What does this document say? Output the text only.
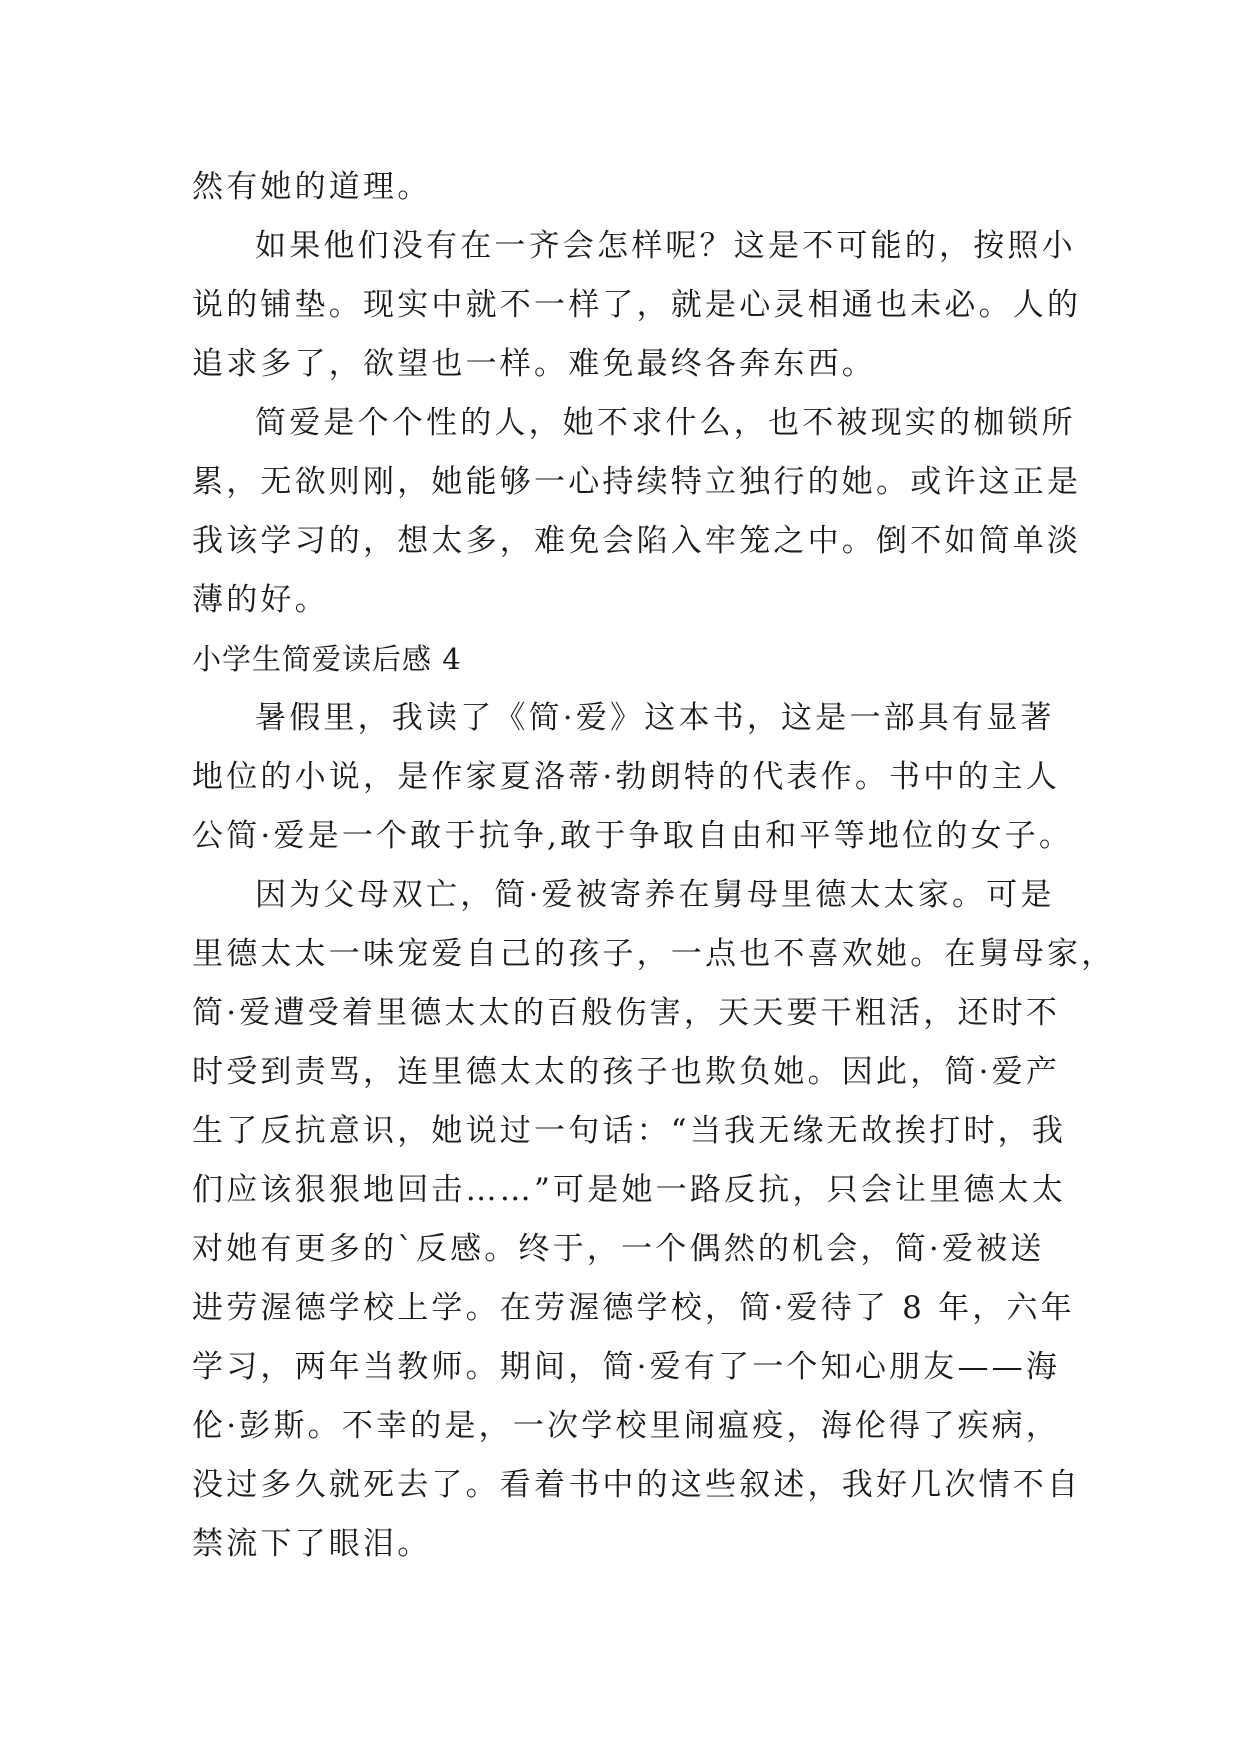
然有她的道理。
如果他们没有在一齐会怎样呢？这是不可能的，按照小
说的铺垫。现实中就不一样了，就是心灵相通也未必。人的
追求多了，欲望也一样。难免最终各奔东西。
简爱是个个性的人，她不求什么，也不被现实的枷锁所
累，无欲则刚，她能够一心持续特立独行的她。或许这正是
我该学习的，想太多，难免会陷入牢笼之中。倒不如简单淡
薄的好。
小学生简爱读后感 4
暑假里，我读了《简·爱》这本书，这是一部具有显著
地位的小说，是作家夏洛蒂·勃朗特的代表作。书中的主人
公简·爱是一个敢于抗争,敢于争取自由和平等地位的女子。
因为父母双亡，简·爱被寄养在舅母里德太太家。可是
里德太太一味宠爱自己的孩子，一点也不喜欢她。在舅母家，
简·爱遭受着里德太太的百般伤害，天天要干粗活，还时不
时受到责骂，连里德太太的孩子也欺负她。因此，简·爱产
生了反抗意识，她说过一句话：“当我无缘无故挨打时，我
们应该狠狠地回击……”可是她一路反抗，只会让里德太太
对她有更多的`反感。终于，一个偶然的机会，简·爱被送
进劳渥德学校上学。在劳渥德学校，简·爱待了 8 年，六年
学习，两年当教师。期间，简·爱有了一个知心朋友——海
伦·彭斯。不幸的是，一次学校里闹瘟疫，海伦得了疾病，
没过多久就死去了。看着书中的这些叙述，我好几次情不自
禁流下了眼泪。
